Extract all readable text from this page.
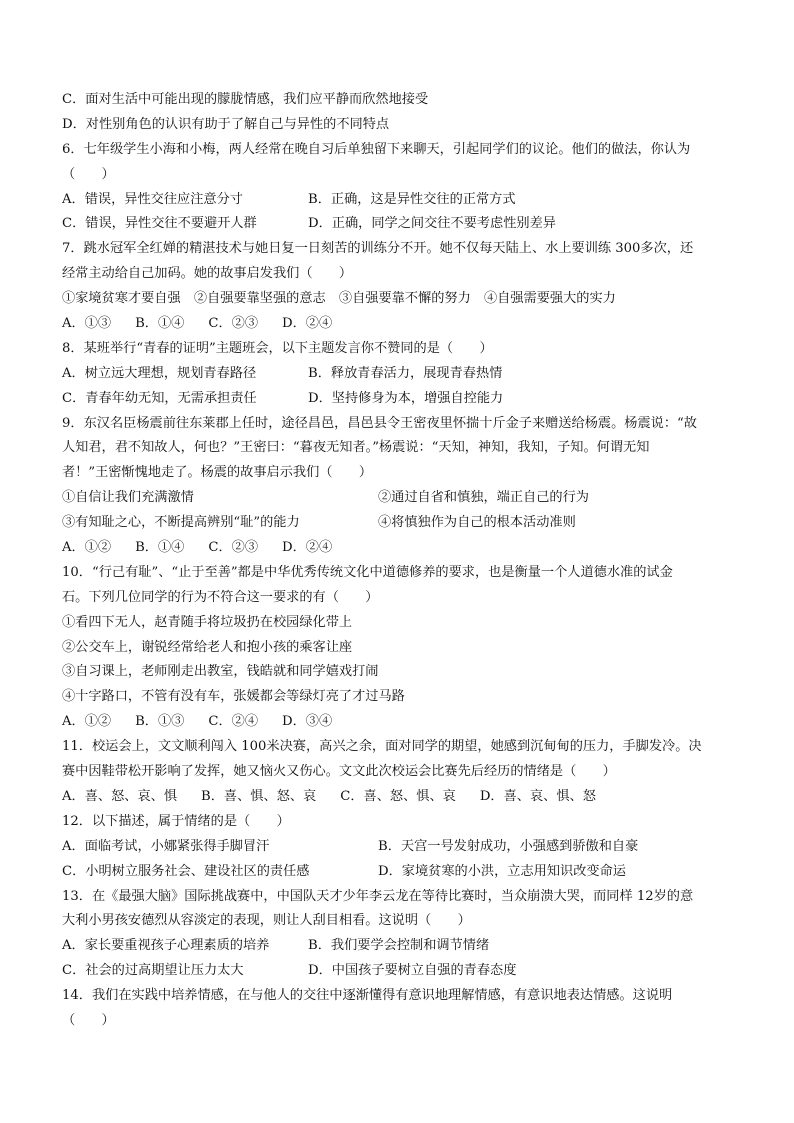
C．面对生活中可能出现的朦胧情感，我们应平静而欣然地接受
D．对性别角色的认识有助于了解自己与异性的不同特点
6．七年级学生小海和小梅，两人经常在晚自习后单独留下来聊天，引起同学们的议论。他们的做法，你认为
（　　）
A．错误，异性交往应注意分寸	B．正确，这是异性交往的正常方式
C．错误，异性交往不要避开人群	D．正确，同学之间交往不要考虑性别差异
7．跳水冠军全红婵的精湛技术与她日复一日刻苦的训练分不开。她不仅每天陆上、水上要训练 300多次，还
经常主动给自己加码。她的故事启发我们（　　）
①家境贫寒才要自强　②自强要靠坚强的意志　③自强要靠不懈的努力　④自强需要强大的实力
A．①③ B．①④ C．②③ D．②④
8．某班举行“青春的证明”主题班会，以下主题发言你不赞同的是（　　）
A．树立远大理想，规划青春路径	B．释放青春活力，展现青春热情
C．青春年幼无知，无需承担责任	D．坚持修身为本，增强自控能力
9．东汉名臣杨震前往东莱郡上任时，途径昌邑，昌邑县令王密夜里怀揣十斤金子来赠送给杨震。杨震说：“故
人知君，君不知故人，何也？”王密曰：“暮夜无知者。”杨震说：“天知，神知，我知，子知。何谓无知
者！”王密惭愧地走了。杨震的故事启示我们（　　）
①自信让我们充满激情	②通过自省和慎独，端正自己的行为
③有知耻之心，不断提高辨别“耻”的能力	④将慎独作为自己的根本活动准则
A．①② B．①④ C．②③ D．②④
10．“行己有耻”、“止于至善”都是中华优秀传统文化中道德修养的要求，也是衡量一个人道德水准的试金
石。下列几位同学的行为不符合这一要求的有（　　）
①看四下无人，赵青随手将垃圾扔在校园绿化带上
②公交车上，谢锐经常给老人和抱小孩的乘客让座
③自习课上，老师刚走出教室，钱皓就和同学嬉戏打闹
④十字路口，不管有没有车，张媛都会等绿灯亮了才过马路
A．①② B．①③ C．②④ D．③④
11．校运会上，文文顺利闯入 100米决赛，高兴之余，面对同学的期望，她感到沉甸甸的压力，手脚发冷。决
赛中因鞋带松开影响了发挥，她又恼火又伤心。文文此次校运会比赛先后经历的情绪是（　　）
A．喜、怒、哀、惧 B．喜、惧、怒、哀 C．喜、怒、惧、哀 D．喜、哀、惧、怒
12．以下描述，属于情绪的是（　　）
A．面临考试，小娜紧张得手脚冒汗	B．天宫一号发射成功，小强感到骄傲和自豪
C．小明树立服务社会、建设社区的责任感	D．家境贫寒的小洪，立志用知识改变命运
13．在《最强大脑》国际挑战赛中，中国队天才少年李云龙在等待比赛时，当众崩溃大哭，而同样 12岁的意
大利小男孩安德烈从容淡定的表现，则让人刮目相看。这说明（　　）
A．家长要重视孩子心理素质的培养	B．我们要学会控制和调节情绪
C．社会的过高期望让压力太大	D．中国孩子要树立自强的青春态度
14．我们在实践中培养情感，在与他人的交往中逐渐懂得有意识地理解情感，有意识地表达情感。这说明
（　　）
